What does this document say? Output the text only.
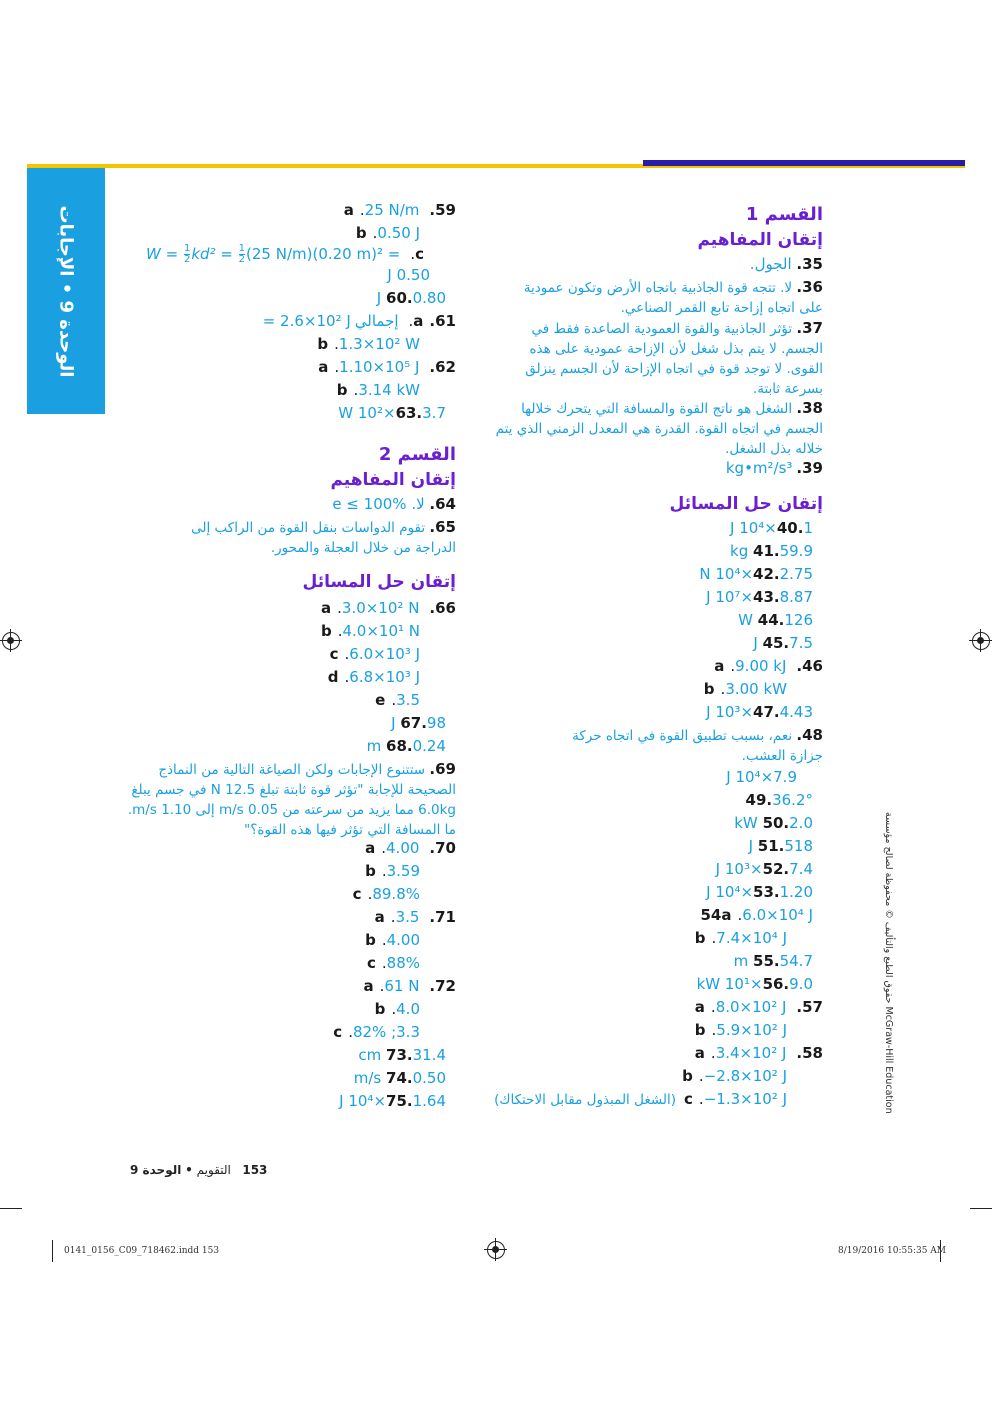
الوحدة 9 • الإجابات
القسم 1
إتقان المفاهيم
35. الجول.
36. لا. تتجه قوة الجاذبية باتجاه الأرض وتكون عمودية على اتجاه إزاحة تابع القمر الصناعي.
37. تؤثر الجاذبية والقوة العمودية الصاعدة فقط في الجسم. لا يتم بذل شغل لأن الإزاحة عمودية على هذه القوى. لا توجد قوة في اتجاه الإزاحة لأن الجسم ينزلق بسرعة ثابتة.
38. الشغل هو ناتج القوة والمسافة التي يتحرك خلالها الجسم في اتجاه القوة. القدرة هي المعدل الزمني الذي يتم خلاله بذل الشغل.
39.kg•m²/s³
إتقان حل المسائل
40.1×10⁴ J
41.59.9 kg
42.2.75×10⁴ N
43.8.87×10⁷ J
44.126 W
45.7.5 J
46.a .9.00 kJ
b .3.00 kW
47.4.43×10³ J
48. نعم، بسبب تطبيق القوة في اتجاه حركة جزازة العشب.
7.9×10⁴ J
49.36.2°
50.2.0 kW
51.518 J
52.7.4×10³ J
53.1.20×10⁴ J
54a .6.0×10⁴ J
b .7.4×10⁴ J
55.54.7 m
56.9.0×10¹ kW
57.a .8.0×10² J
b .5.9×10² J
58.a .3.4×10² J
b .−2.8×10² J
c .−1.3×10² J(الشغل المبذول مقابل الاحتكاك)
59.a .25 N/m
b .0.50 J
$c.W = \frac{1}{2} kd^2 = \frac{1}{2} (25$ N/m)(0.20 m)² =
0.50 J
60.0.80 J
61.a.إجمالي= 2.6×10² J
b .1.3×10² W
62.a .1.10×10⁵ J
b .3.14 kW
63.3.7×10² W
القسم 2
إتقان المفاهيم
64. لا. e ≤ 100%
65. تقوم الدواسات بنقل القوة من الراكب إلى الدراجة من خلال العجلة والمحور.
إتقان حل المسائل
66.a .3.0×10² N
b .4.0×10¹ N
c .6.0×10³ J
d .6.8×10³ J
e .3.5
67.98 J
68.0.24 m
69. ستتنوع الإجابات ولكن الصياغة التالية من النماذج الصحيحة للإجابة "تؤثر قوة ثابتة تبلغ 12.5 N في جسم يبلغ 6.0kg مما يزيد من سرعته من 0.05 m/s إلى 1.10 m/s. ما المسافة التي تؤثر فيها هذه القوة؟"
70.a .4.00
b .3.59
c .89.8%
71.a .3.5
b .4.00
c .88%
72.a .61 N
b .4.0
c .82% ;3.3
73.31.4 cm
74.0.50 m/s
75.1.64×10⁴ J
حقوق الطبع والتأليف © محفوظة لصالح مؤسسة McGraw-Hill Education
153   التقويم • الوحدة 9
0141_0156_C09_718462.indd 153	8/19/2016 10:55:35 AM
